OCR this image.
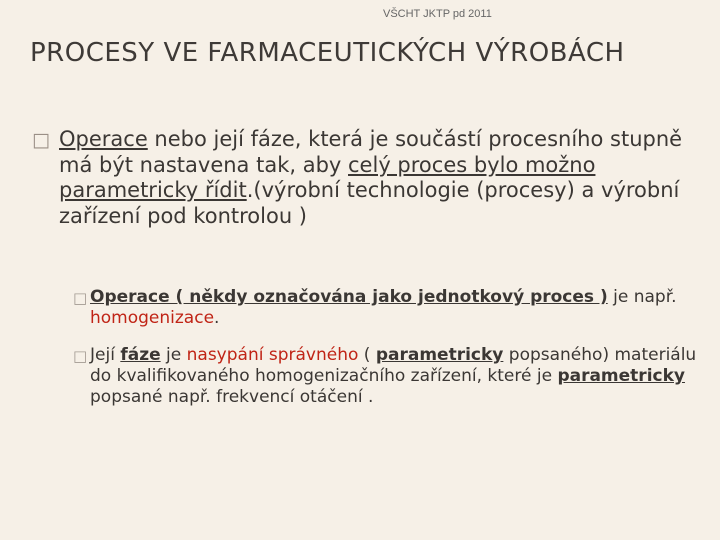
VŠCHT JKTP pd 2011
PROCESY VE FARMACEUTICKÝCH VÝROBÁCH
□ Operace nebo její fáze, která je součástí procesního stupně má být nastavena tak, aby celý proces bylo možno parametricky řídit.(výrobní technologie (procesy) a výrobní zařízení pod kontrolou )
□ Operace ( někdy označována jako jednotkový proces ) je např. homogenizace.
□ Její fáze je nasypání správného ( parametricky popsaného) materiálu do kvalifikovaného homogenizačního zařízení, které je parametricky popsané např. frekvencí otáčení .
